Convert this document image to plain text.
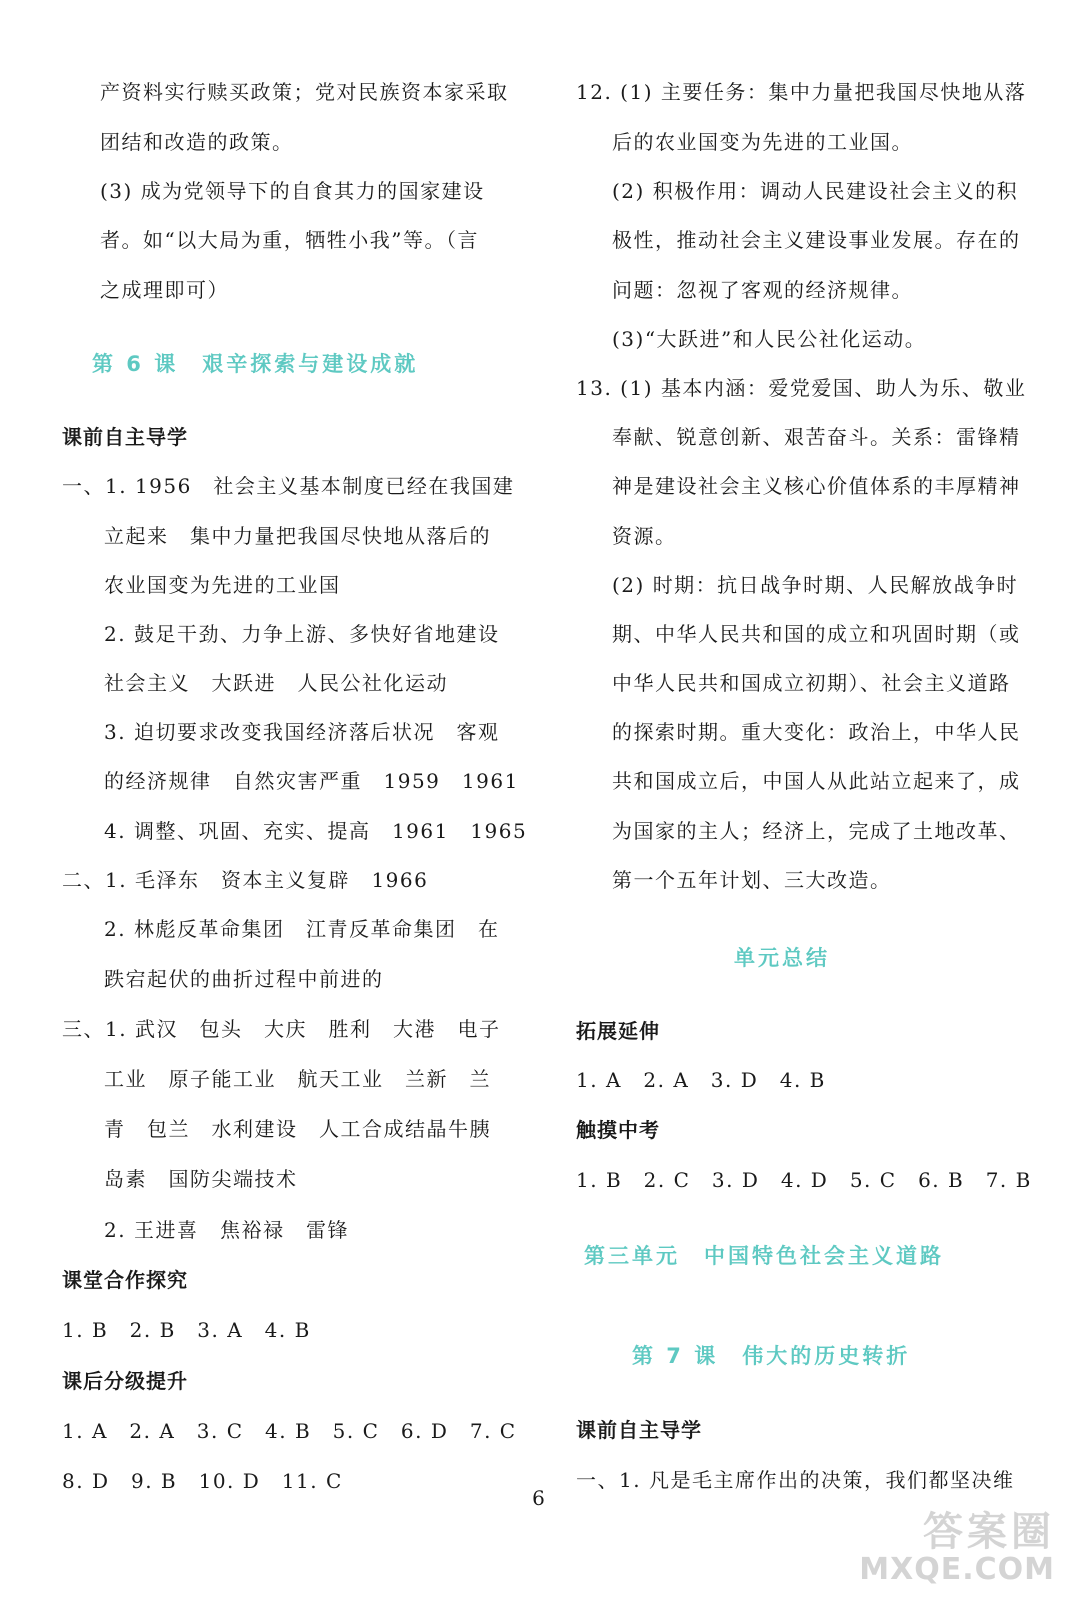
产资料实行赎买政策；党对民族资本家采取
团结和改造的政策。
(3) 成为党领导下的自食其力的国家建设
者。如“以大局为重，牺牲小我”等。（言
之成理即可）
第 6 课　艰辛探索与建设成就
课前自主导学
一、1. 1956　社会主义基本制度已经在我国建
立起来　集中力量把我国尽快地从落后的
农业国变为先进的工业国
2. 鼓足干劲、力争上游、多快好省地建设
社会主义　大跃进　人民公社化运动
3. 迫切要求改变我国经济落后状况　客观
的经济规律　自然灾害严重　1959　1961
4. 调整、巩固、充实、提高　1961　1965
二、1. 毛泽东　资本主义复辟　1966
2. 林彪反革命集团　江青反革命集团　在
跌宕起伏的曲折过程中前进的
三、1. 武汉　包头　大庆　胜利　大港　电子
工业　原子能工业　航天工业　兰新　兰
青　包兰　水利建设　人工合成结晶牛胰
岛素　国防尖端技术
2. 王进喜　焦裕禄　雷锋
课堂合作探究
1. B　2. B　3. A　4. B
课后分级提升
1. A　2. A　3. C　4. B　5. C　6. D　7. C
8. D　9. B　10. D　11. C
12. (1) 主要任务：集中力量把我国尽快地从落
后的农业国变为先进的工业国。
(2) 积极作用：调动人民建设社会主义的积
极性，推动社会主义建设事业发展。存在的
问题：忽视了客观的经济规律。
(3)“大跃进”和人民公社化运动。
13. (1) 基本内涵：爱党爱国、助人为乐、敬业
奉献、锐意创新、艰苦奋斗。关系：雷锋精
神是建设社会主义核心价值体系的丰厚精神
资源。
(2) 时期：抗日战争时期、人民解放战争时
期、中华人民共和国的成立和巩固时期（或
中华人民共和国成立初期）、社会主义道路
的探索时期。重大变化：政治上，中华人民
共和国成立后，中国人从此站立起来了，成
为国家的主人；经济上，完成了土地改革、
第一个五年计划、三大改造。
单元总结
拓展延伸
1. A　2. A　3. D　4. B
触摸中考
1. B　2. C　3. D　4. D　5. C　6. B　7. B
第三单元　中国特色社会主义道路
第 7 课　伟大的历史转折
课前自主导学
一、1. 凡是毛主席作出的决策，我们都坚决维
6
答案圈
MXQE.COM
